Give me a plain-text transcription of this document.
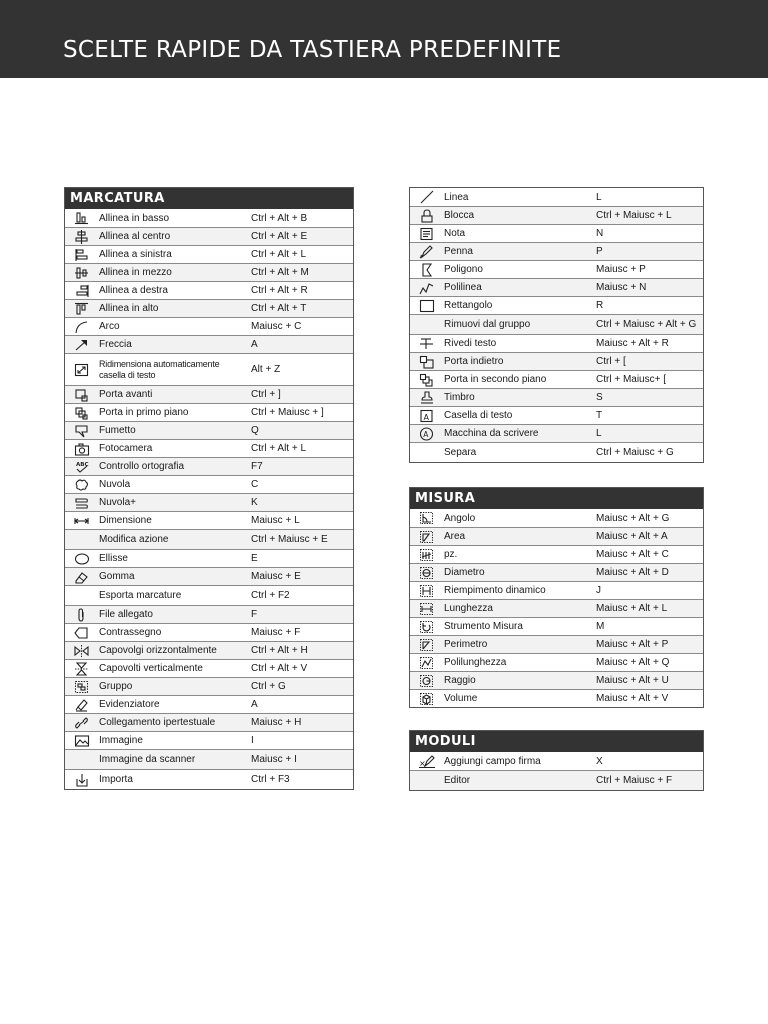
SCELTE RAPIDE DA TASTIERA PREDEFINITE
MARCATURA
Allinea in basso	Ctrl + Alt + B
Allinea al centro	Ctrl + Alt + E
Allinea a sinistra	Ctrl + Alt + L
Allinea in mezzo	Ctrl + Alt + M
Allinea a destra	Ctrl + Alt + R
Allinea in alto	Ctrl + Alt + T
Arco	Maiusc + C
Freccia	A
Ridimensiona automaticamente casella di testo	Alt + Z
Porta avanti	Ctrl + ]
Porta in primo piano	Ctrl + Maiusc + ]
Fumetto	Q
Fotocamera	Ctrl + Alt + L
ABC Controllo ortografia	F7
Nuvola	C
Nuvola+	K
Dimensione	Maiusc + L
Modifica azione	Ctrl + Maiusc + E
Ellisse	E
Gomma	Maiusc + E
Esporta marcature	Ctrl + F2
File allegato	F
Contrassegno	Maiusc + F
Capovolgi orizzontalmente	Ctrl + Alt + H
Capovolti verticalmente	Ctrl + Alt + V
Gruppo	Ctrl + G
Evidenziatore	A
Collegamento ipertestuale	Maiusc + H
Immagine	I
Immagine da scanner	Maiusc + I
Importa	Ctrl + F3
Linea	L
Blocca	Ctrl + Maiusc + L
Nota	N
Penna	P
Poligono	Maiusc + P
Polilinea	Maiusc + N
Rettangolo	R
Rimuovi dal gruppo	Ctrl + Maiusc + Alt + G
Rivedi testo	Maiusc + Alt + R
Porta indietro	Ctrl + [
Porta in secondo piano	Ctrl + Maiusc+ [
Timbro	S
A Casella di testo	T
A Macchina da scrivere	L
Separa	Ctrl + Maiusc + G
MISURA
Angolo	Maiusc + Alt + G
Area	Maiusc + Alt + A
pz.	Maiusc + Alt + C
Diametro	Maiusc + Alt + D
Riempimento dinamico	J
Lunghezza	Maiusc + Alt + L
Strumento Misura	M
Perimetro	Maiusc + Alt + P
Polilunghezza	Maiusc + Alt + Q
Raggio	Maiusc + Alt + U
Volume	Maiusc + Alt + V
MODULI
× Aggiungi campo firma	X
Editor	Ctrl + Maiusc + F
